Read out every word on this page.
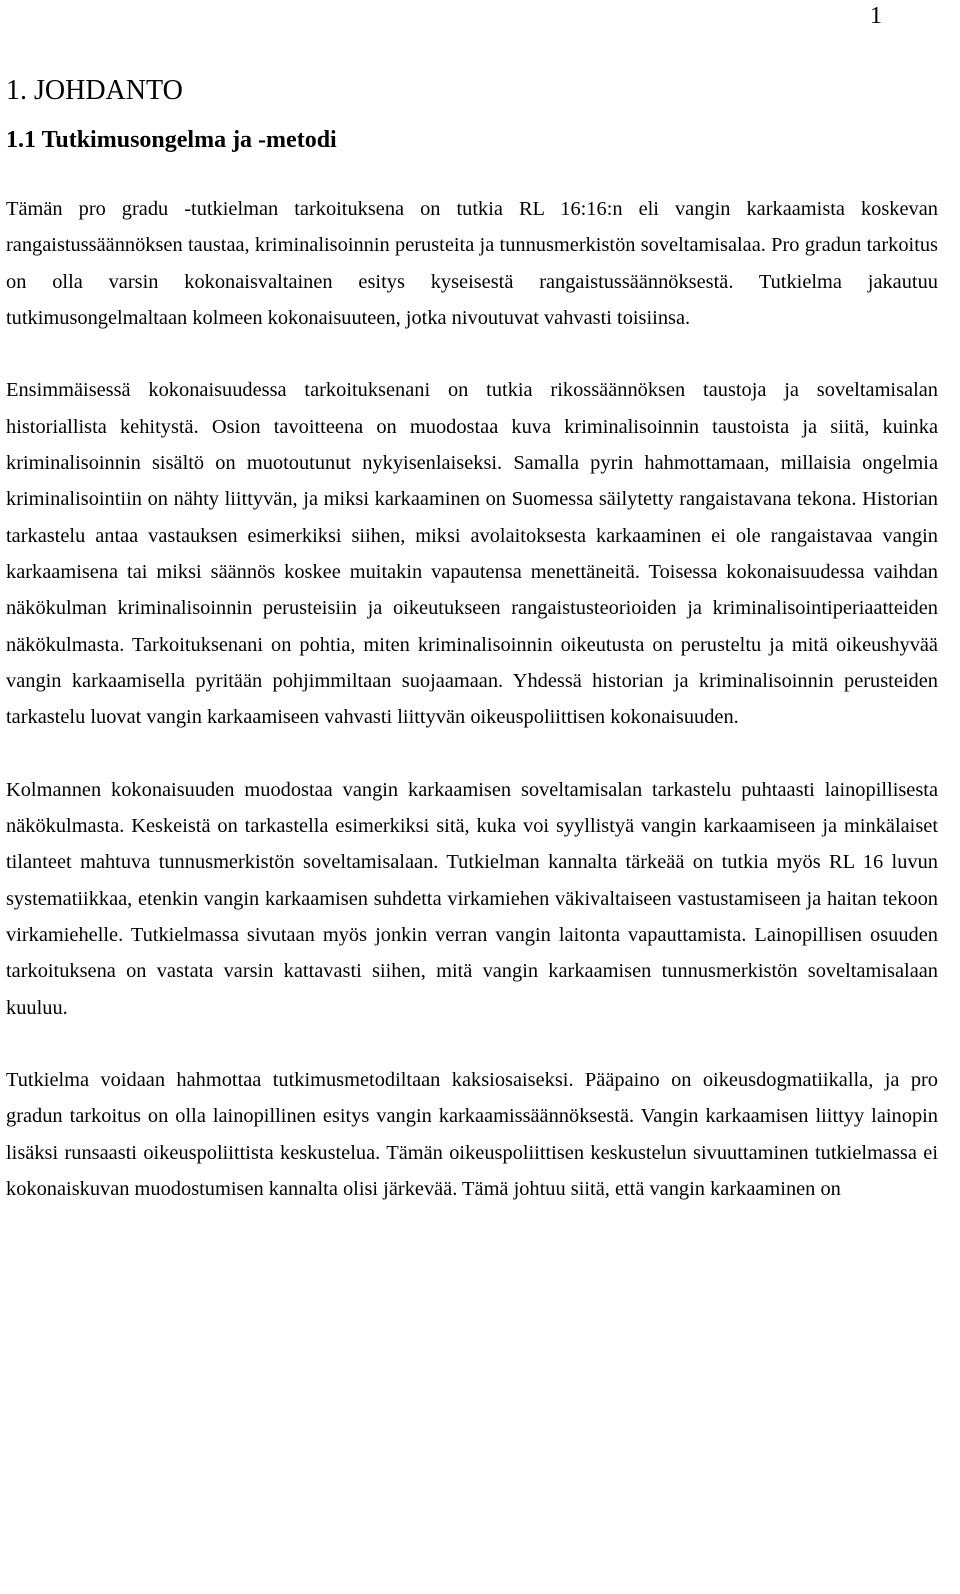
1
1. JOHDANTO
1.1 Tutkimusongelma ja -metodi

Tämän pro gradu -tutkielman tarkoituksena on tutkia RL 16:16:n eli vangin karkaamista koskevan rangaistussäännöksen taustaa, kriminalisoinnin perusteita ja tunnusmerkistön soveltamisalaa. Pro gradun tarkoitus on olla varsin kokonaisvaltainen esitys kyseisestä rangaistussäännöksestä. Tutkielma jakautuu tutkimusongelmaltaan kolmeen kokonaisuuteen, jotka nivoutuvat vahvasti toisiinsa.

Ensimmäisessä kokonaisuudessa tarkoituksenani on tutkia rikossäännöksen taustoja ja soveltamisalan historiallista kehitystä. Osion tavoitteena on muodostaa kuva kriminalisoinnin taustoista ja siitä, kuinka kriminalisoinnin sisältö on muotoutunut nykyisenlaiseksi. Samalla pyrin hahmottamaan, millaisia ongelmia kriminalisointiin on nähty liittyvän, ja miksi karkaaminen on Suomessa säilytetty rangaistavana tekona. Historian tarkastelu antaa vastauksen esimerkiksi siihen, miksi avolaitoksesta karkaaminen ei ole rangaistavaa vangin karkaamisena tai miksi säännös koskee muitakin vapautensa menettäneitä. Toisessa kokonaisuudessa vaihdan näkökulman kriminalisoinnin perusteisiin ja oikeutukseen rangaistusteorioiden ja kriminalisointiperiaatteiden näkökulmasta. Tarkoituksenani on pohtia, miten kriminalisoinnin oikeutusta on perusteltu ja mitä oikeushyvää vangin karkaamisella pyritään pohjimmiltaan suojaamaan. Yhdessä historian ja kriminalisoinnin perusteiden tarkastelu luovat vangin karkaamiseen vahvasti liittyvän oikeuspoliittisen kokonaisuuden.

Kolmannen kokonaisuuden muodostaa vangin karkaamisen soveltamisalan tarkastelu puhtaasti lainopillisesta näkökulmasta. Keskeistä on tarkastella esimerkiksi sitä, kuka voi syyllistyä vangin karkaamiseen ja minkälaiset tilanteet mahtuva tunnusmerkistön soveltamisalaan. Tutkielman kannalta tärkeää on tutkia myös RL 16 luvun systematiikkaa, etenkin vangin karkaamisen suhdetta virkamiehen väkivaltaiseen vastustamiseen ja haitan tekoon virkamiehelle. Tutkielmassa sivutaan myös jonkin verran vangin laitonta vapauttamista. Lainopillisen osuuden tarkoituksena on vastata varsin kattavasti siihen, mitä vangin karkaamisen tunnusmerkistön soveltamisalaan kuuluu.

Tutkielma voidaan hahmottaa tutkimusmetodiltaan kaksiosaiseksi. Pääpaino on oikeusdogmatiikalla, ja pro gradun tarkoitus on olla lainopillinen esitys vangin karkaamissäännöksestä. Vangin karkaamisen liittyy lainopin lisäksi runsaasti oikeuspoliittista keskustelua. Tämän oikeuspoliittisen keskustelun sivuuttaminen tutkielmassa ei kokonaiskuvan muodostumisen kannalta olisi järkevää. Tämä johtuu siitä, että vangin karkaaminen on
